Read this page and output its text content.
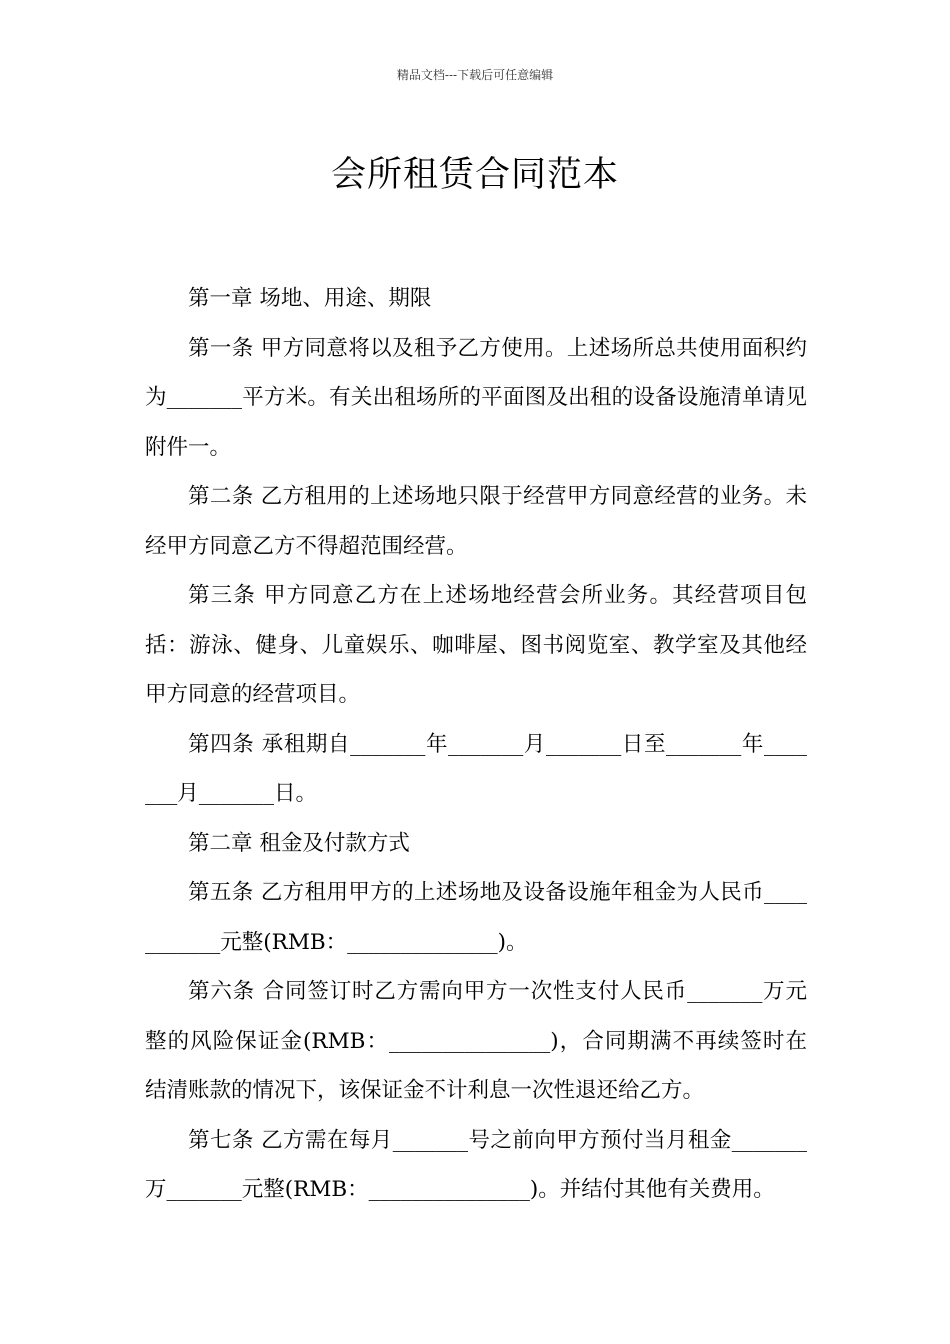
精品文档---下载后可任意编辑
会所租赁合同范本

第一章 场地、用途、期限

第一条 甲方同意将以及租予乙方使用。上述场所总共使用面积约为_______平方米。有关出租场所的平面图及出租的设备设施清单请见附件一。

第二条 乙方租用的上述场地只限于经营甲方同意经营的业务。未经甲方同意乙方不得超范围经营。

第三条 甲方同意乙方在上述场地经营会所业务。其经营项目包括：游泳、健身、儿童娱乐、咖啡屋、图书阅览室、教学室及其他经甲方同意的经营项目。

第四条 承租期自_______年_______月_______日至_______年_______月_______日。

第二章 租金及付款方式

第五条 乙方租用甲方的上述场地及设备设施年租金为人民币___________元整(RMB：______________)。

第六条 合同签订时乙方需向甲方一次性支付人民币_______万元整的风险保证金(RMB：_______________)，合同期满不再续签时在结清账款的情况下，该保证金不计利息一次性退还给乙方。

第七条 乙方需在每月_______号之前向甲方预付当月租金_______万_______元整(RMB：_______________)。并结付其他有关费用。
